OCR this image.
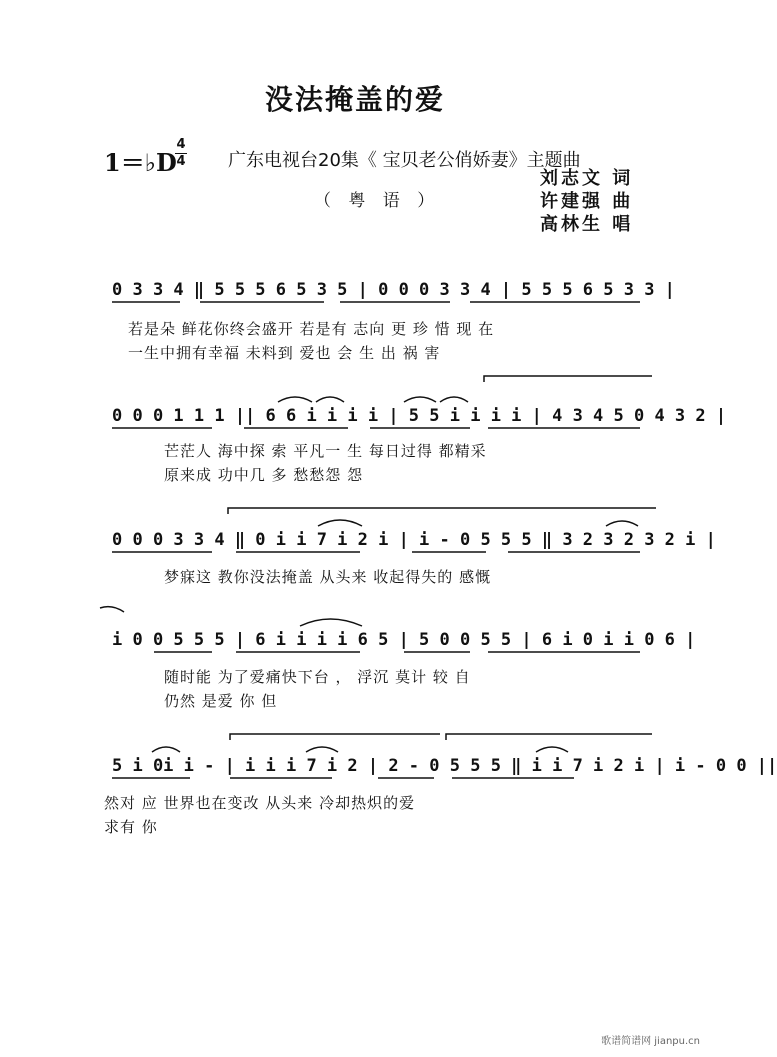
没法掩盖的爱
1＝♭D
4
4 广东电视台20集《 宝贝老公俏娇妻》主题曲
（ 粤 语 ）
刘志文 词
许建强 曲
高林生 唱
0 3 3 4 ‖ 5 5 5 6 5 3 5 | 0 0 0 3 3 4 | 5 5 5 6 5 3 3 |
若是朵 鲜花你终会盛开 若是有 志向 更 珍 惜 现 在
一生中拥有幸福 未料到 爱也 会 生 出 祸 害
0 0 0 1 1 1 || 6 6 i i i i | 5 5 i i i i | 4 3 4 5 0 4 3 2 |
芒茫人 海中探 索 平凡一 生 每日过得 都精采
原来成 功中几 多 愁愁怨 怨
0 0 0 3 3 4 ‖ 0 i i 7 i 2 i | i - 0 5 5 5 ‖ 3 2 3 2 3 2 i |
梦寐这 教你没法掩盖 从头来 收起得失的 感慨
i 0 0 5 5 5 | 6 i i i i 6 5 | 5 0 0 5 5 | 6 i 0 i i 0 6 |
随时能 为了爱痛快下台 ， 浮沉 莫计 较 自
仍然 是爱 你 但
5 i 0i i - | i i i 7 i 2 | 2 - 0 5 5 5 ‖ i i 7 i 2 i | i - 0 0 ||
然对 应 世界也在变改 从头来 冷却热炽的爱
求有 你
歌谱简谱网 jianpu.cn
